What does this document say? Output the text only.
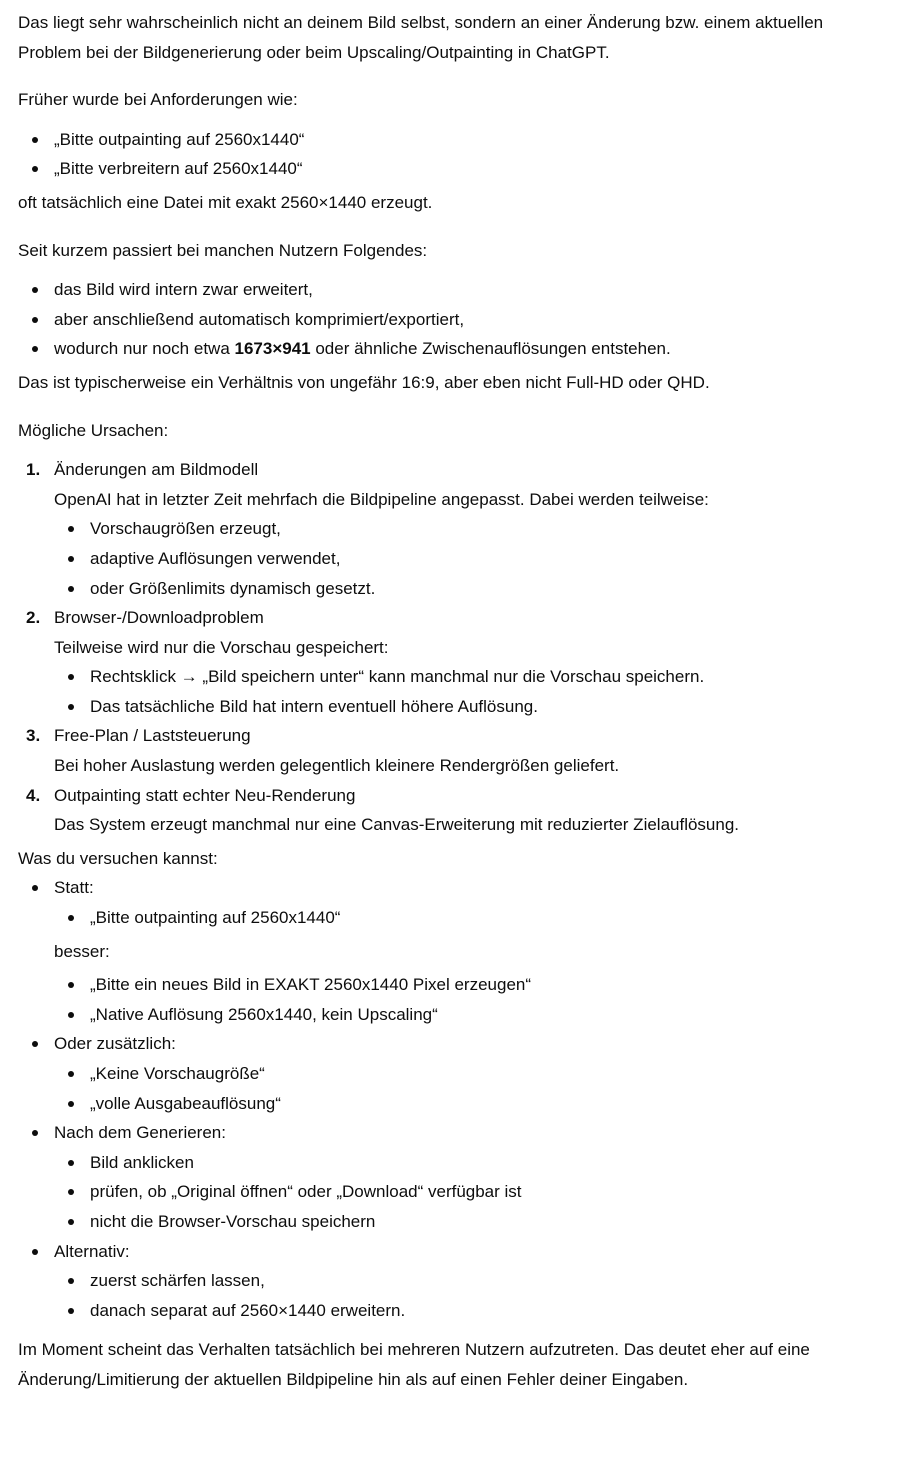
Das liegt sehr wahrscheinlich nicht an deinem Bild selbst, sondern an einer Änderung bzw. einem aktuellen Problem bei der Bildgenerierung oder beim Upscaling/Outpainting in ChatGPT.

Früher wurde bei Anforderungen wie:

„Bitte outpainting auf 2560x1440“
„Bitte verbreitern auf 2560x1440“

oft tatsächlich eine Datei mit exakt 2560×1440 erzeugt.

Seit kurzem passiert bei manchen Nutzern Folgendes:

das Bild wird intern zwar erweitert,
aber anschließend automatisch komprimiert/exportiert,
wodurch nur noch etwa 1673×941 oder ähnliche Zwischenauflösungen entstehen.

Das ist typischerweise ein Verhältnis von ungefähr 16:9, aber eben nicht Full-HD oder QHD.

Mögliche Ursachen:

1. Änderungen am Bildmodell
OpenAI hat in letzter Zeit mehrfach die Bildpipeline angepasst. Dabei werden teilweise:
Vorschaugrößen erzeugt,
adaptive Auflösungen verwendet,
oder Größenlimits dynamisch gesetzt.
2. Browser-/Downloadproblem
Teilweise wird nur die Vorschau gespeichert:
Rechtsklick → „Bild speichern unter“ kann manchmal nur die Vorschau speichern.
Das tatsächliche Bild hat intern eventuell höhere Auflösung.
3. Free-Plan / Laststeuerung
Bei hoher Auslastung werden gelegentlich kleinere Rendergrößen geliefert.
4. Outpainting statt echter Neu-Renderung
Das System erzeugt manchmal nur eine Canvas-Erweiterung mit reduzierter Zielauflösung.

Was du versuchen kannst:

Statt:
„Bitte outpainting auf 2560x1440“
besser:
„Bitte ein neues Bild in EXAKT 2560x1440 Pixel erzeugen“
„Native Auflösung 2560x1440, kein Upscaling“
Oder zusätzlich:
„Keine Vorschaugröße“
„volle Ausgabeauflösung“
Nach dem Generieren:
Bild anklicken
prüfen, ob „Original öffnen“ oder „Download“ verfügbar ist
nicht die Browser-Vorschau speichern
Alternativ:
zuerst schärfen lassen,
danach separat auf 2560×1440 erweitern.

Im Moment scheint das Verhalten tatsächlich bei mehreren Nutzern aufzutreten. Das deutet eher auf eine Änderung/Limitierung der aktuellen Bildpipeline hin als auf einen Fehler deiner Eingaben.
